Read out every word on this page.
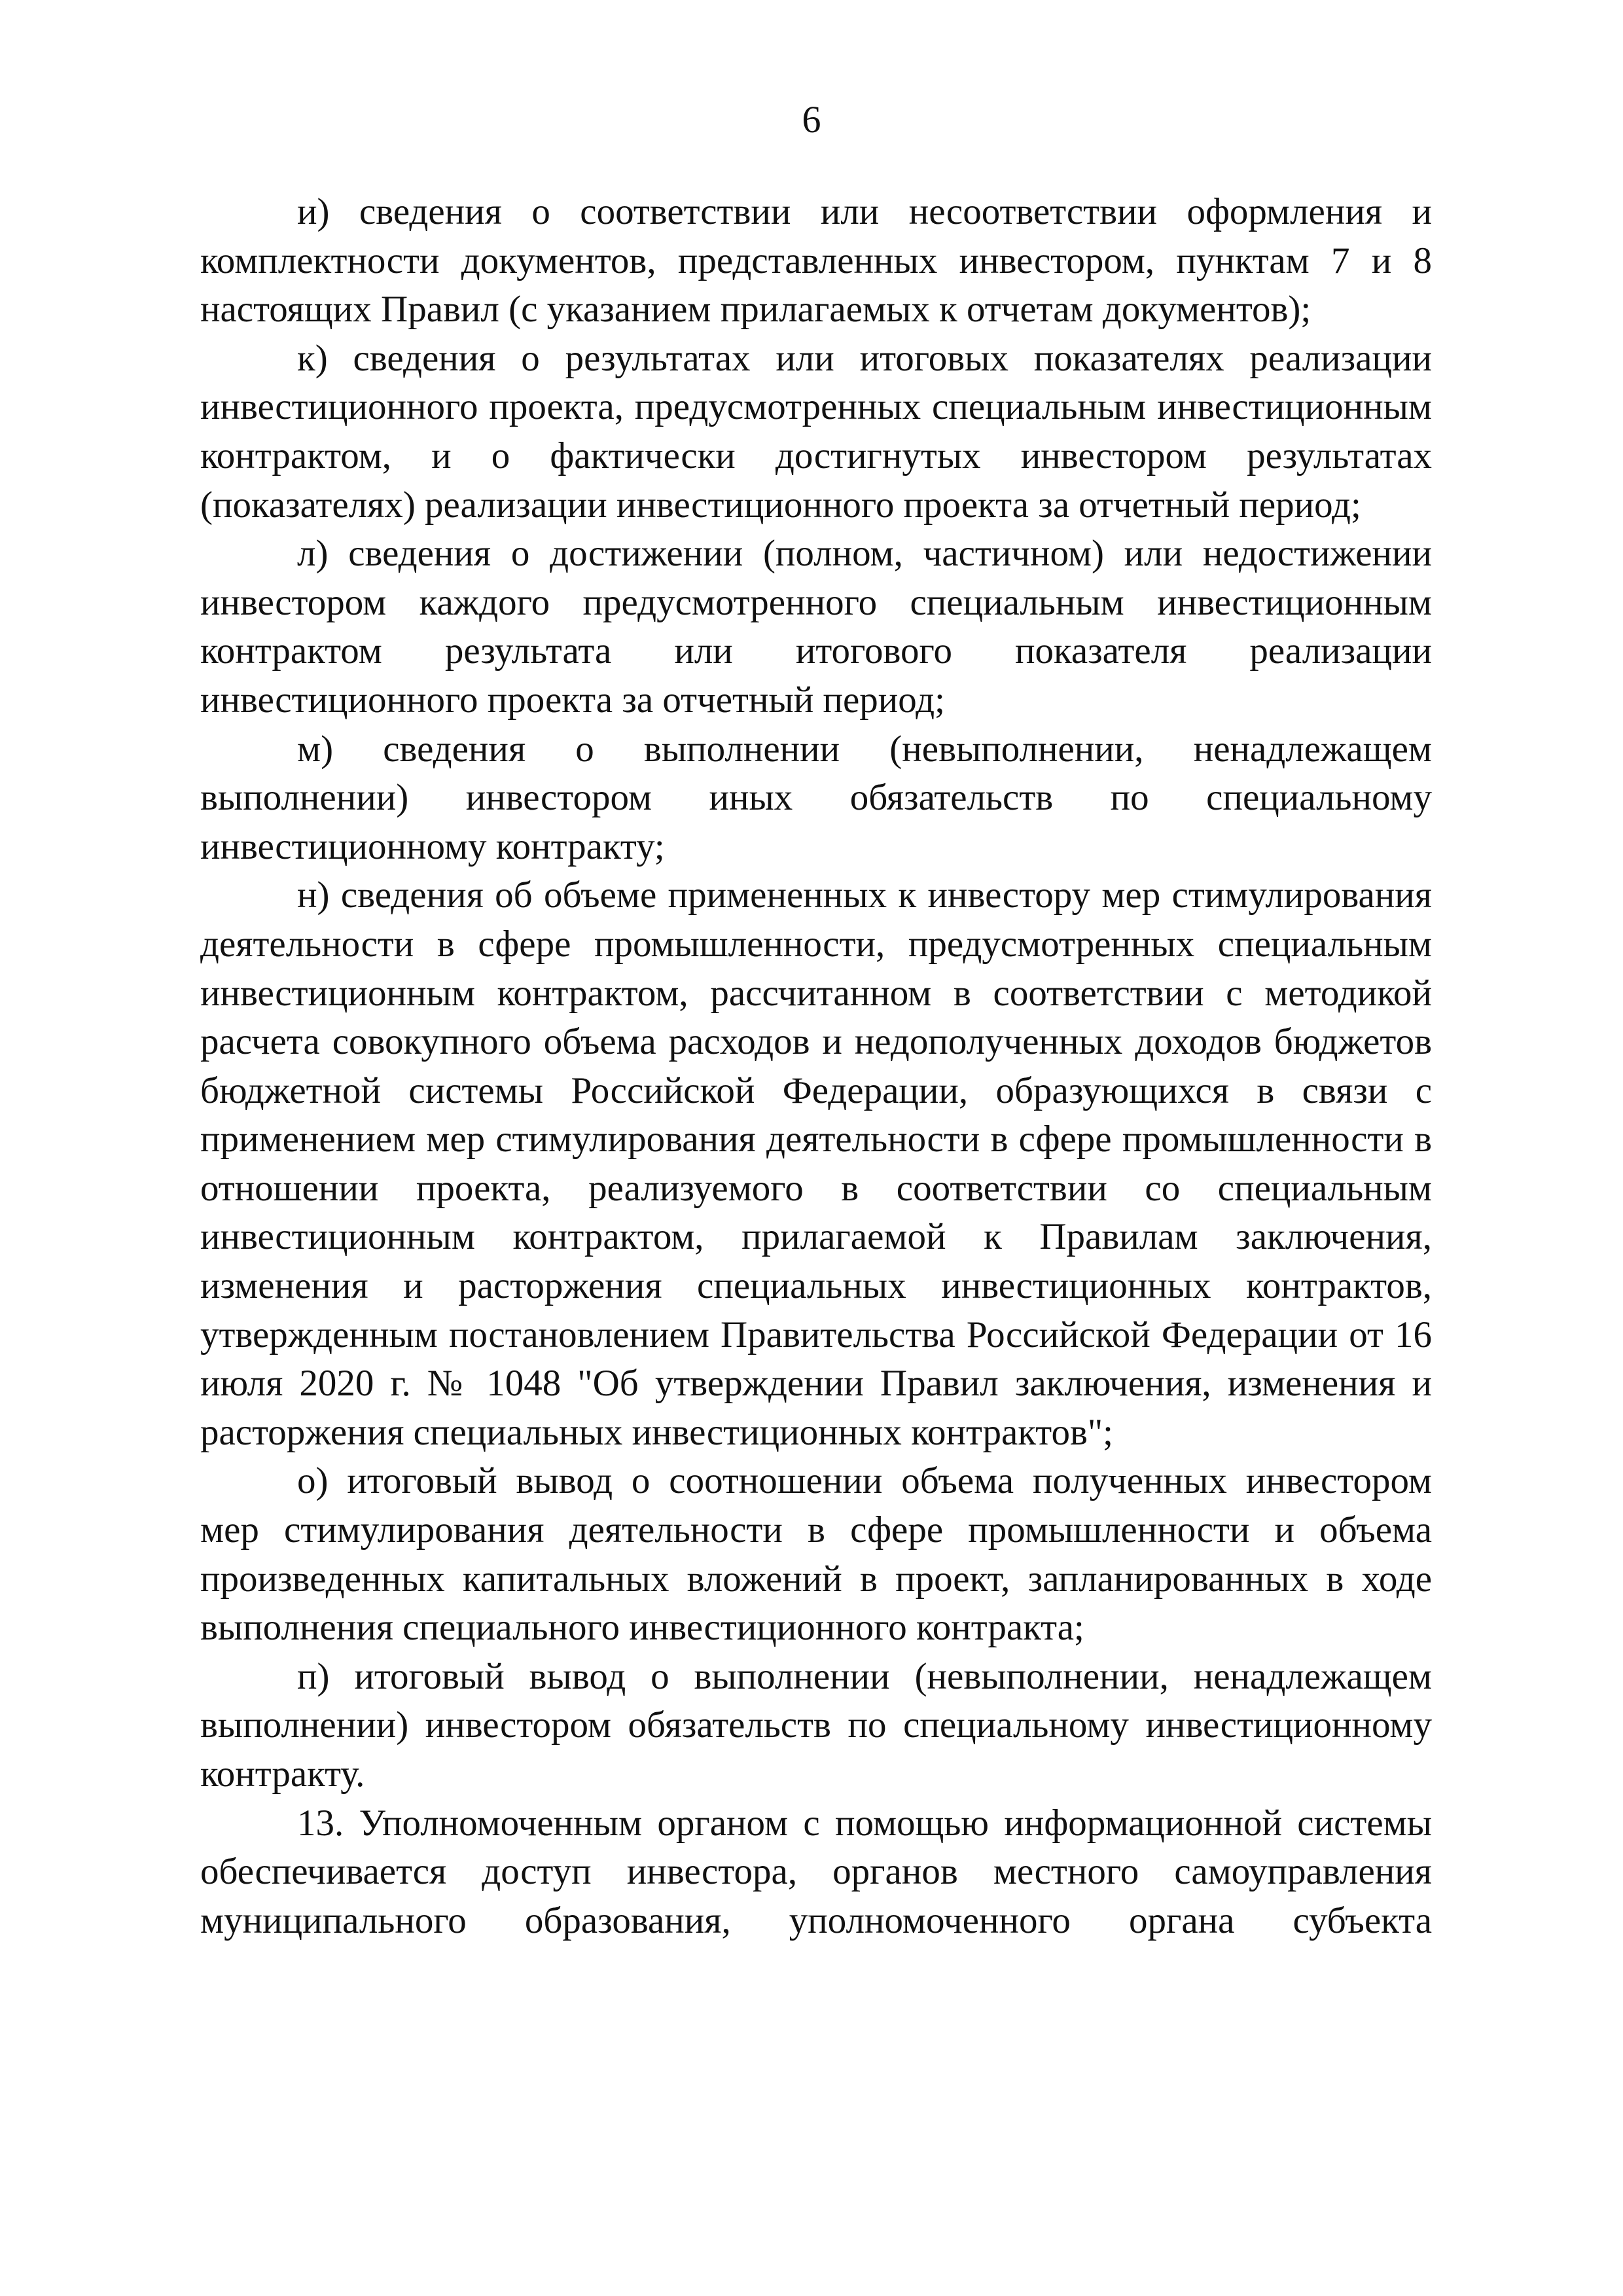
6

и) сведения о соответствии или несоответствии оформления и комплектности документов, представленных инвестором, пунктам 7 и 8 настоящих Правил (с указанием прилагаемых к отчетам документов);

к) сведения о результатах или итоговых показателях реализации инвестиционного проекта, предусмотренных специальным инвестиционным контрактом, и о фактически достигнутых инвестором результатах (показателях) реализации инвестиционного проекта за отчетный период;

л) сведения о достижении (полном, частичном) или недостижении инвестором каждого предусмотренного специальным инвестиционным контрактом результата или итогового показателя реализации инвестиционного проекта за отчетный период;

м) сведения о выполнении (невыполнении, ненадлежащем выполнении) инвестором иных обязательств по специальному инвестиционному контракту;

н) сведения об объеме примененных к инвестору мер стимулирования деятельности в сфере промышленности, предусмотренных специальным инвестиционным контрактом, рассчитанном в соответствии с методикой расчета совокупного объема расходов и недополученных доходов бюджетов бюджетной системы Российской Федерации, образующихся в связи с применением мер стимулирования деятельности в сфере промышленности в отношении проекта, реализуемого в соответствии со специальным инвестиционным контрактом, прилагаемой к Правилам заключения, изменения и расторжения специальных инвестиционных контрактов, утвержденным постановлением Правительства Российской Федерации от 16 июля 2020 г. № 1048 "Об утверждении Правил заключения, изменения и расторжения специальных инвестиционных контрактов";

о) итоговый вывод о соотношении объема полученных инвестором мер стимулирования деятельности в сфере промышленности и объема произведенных капитальных вложений в проект, запланированных в ходе выполнения специального инвестиционного контракта;

п) итоговый вывод о выполнении (невыполнении, ненадлежащем выполнении) инвестором обязательств по специальному инвестиционному контракту.

13. Уполномоченным органом с помощью информационной системы обеспечивается доступ инвестора, органов местного самоуправления муниципального образования, уполномоченного органа субъекта
